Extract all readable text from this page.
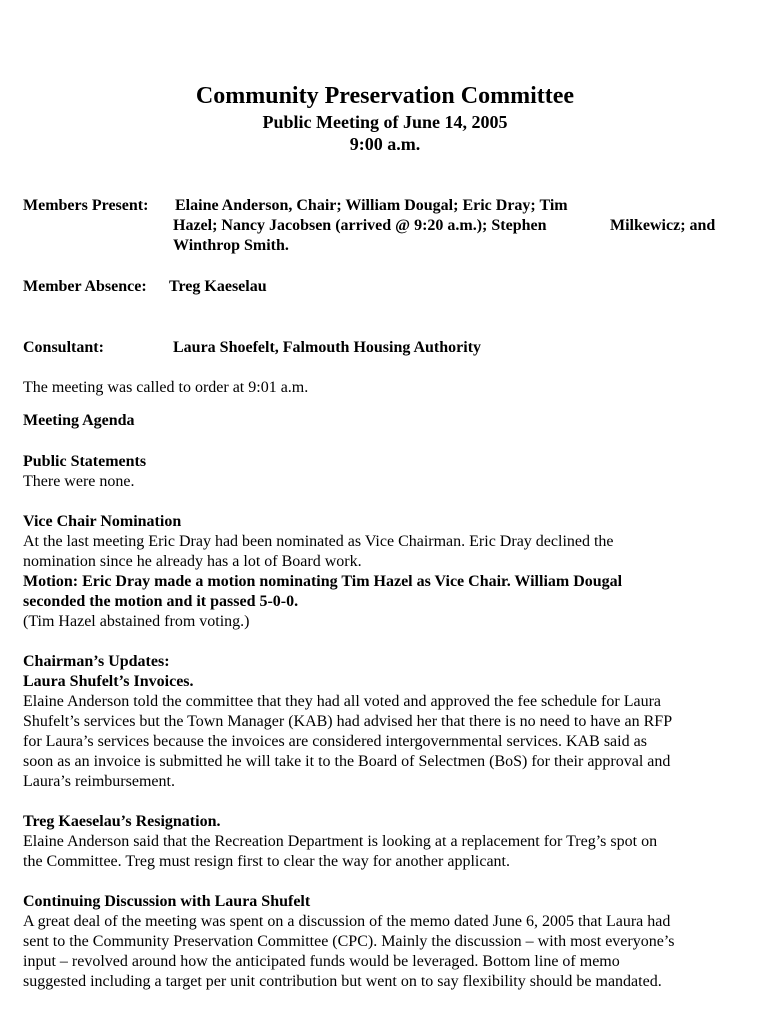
Community Preservation Committee
Public Meeting of June 14, 2005
9:00 a.m.
Members Present: Elaine Anderson, Chair; William Dougal; Eric Dray; Tim
Hazel; Nancy Jacobsen (arrived @ 9:20 a.m.); Stephen	Milkewicz; and
Winthrop Smith.
Member Absence: Treg Kaeselau
Consultant:	Laura Shoefelt, Falmouth Housing Authority
The meeting was called to order at 9:01 a.m.
Meeting Agenda
Public Statements
There were none.
Vice Chair Nomination
At the last meeting Eric Dray had been nominated as Vice Chairman. Eric Dray declined the
nomination since he already has a lot of Board work.
Motion: Eric Dray made a motion nominating Tim Hazel as Vice Chair. William Dougal
seconded the motion and it passed 5-0-0.
(Tim Hazel abstained from voting.)
Chairman’s Updates:
Laura Shufelt’s Invoices.
Elaine Anderson told the committee that they had all voted and approved the fee schedule for Laura
Shufelt’s services but the Town Manager (KAB) had advised her that there is no need to have an RFP
for Laura’s services because the invoices are considered intergovernmental services. KAB said as
soon as an invoice is submitted he will take it to the Board of Selectmen (BoS) for their approval and
Laura’s reimbursement.
Treg Kaeselau’s Resignation.
Elaine Anderson said that the Recreation Department is looking at a replacement for Treg’s spot on
the Committee. Treg must resign first to clear the way for another applicant.
Continuing Discussion with Laura Shufelt
A great deal of the meeting was spent on a discussion of the memo dated June 6, 2005 that Laura had
sent to the Community Preservation Committee (CPC). Mainly the discussion – with most everyone’s
input – revolved around how the anticipated funds would be leveraged. Bottom line of memo
suggested including a target per unit contribution but went on to say flexibility should be mandated.
